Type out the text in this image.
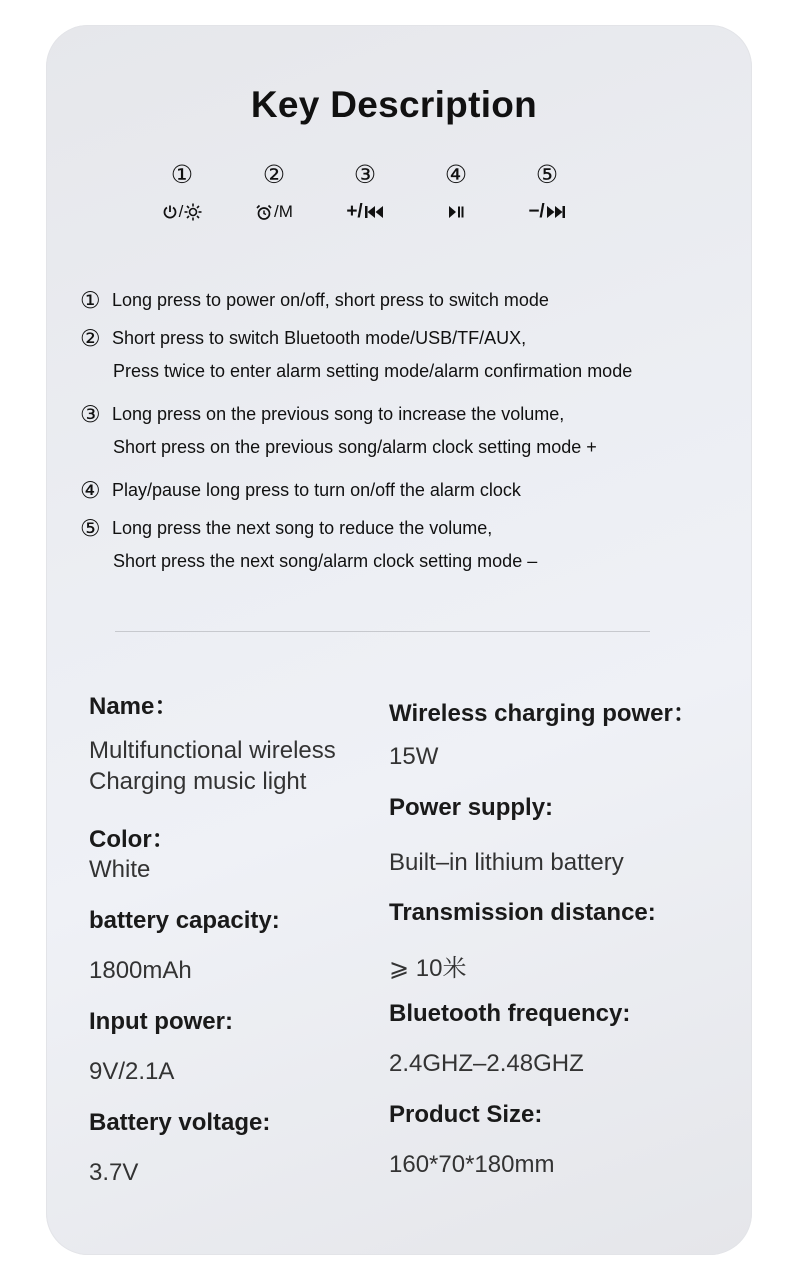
Key Description
①
/
②
/M
③
+/
④	⑤
−/
① Long press to power on/off, short press to switch mode
② Short press to switch Bluetooth mode/USB/TF/AUX,
Press twice to enter alarm setting mode/alarm confirmation mode
③ Long press on the previous song to increase the volume,
Short press on the previous song/alarm clock setting mode +
④ Play/pause long press to turn on/off the alarm clock
⑤ Long press the next song to reduce the volume,
Short press the next song/alarm clock setting mode –
Name：
Multifunctional wireless
Charging music light
Color：
White
battery capacity:
1800mAh
Input power:
9V/2.1A
Battery voltage:
3.7V
Wireless charging power：
15W
Power supply:
Built–in lithium battery
Transmission distance:
⩾ 10米
Bluetooth frequency:
2.4GHZ–2.48GHZ
Product Size:
160*70*180mm
